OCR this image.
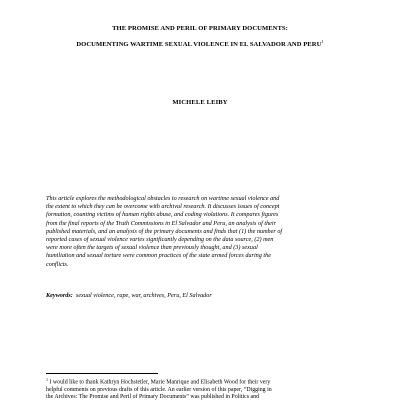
THE PROMISE AND PERIL OF PRIMARY DOCUMENTS:
DOCUMENTING WARTIME SEXUAL VIOLENCE IN EL SALVADOR AND PERU$^1$
MICHELE LEIBY
This article explores the methodological obstacles to research on wartime sexual violence and
the extent to which they can be overcome with archival research. It discusses issues of concept
formation, counting victims of human rights abuse, and coding violations. It compares figures
from the final reports of the Truth Commissions in El Salvador and Peru, an analysis of their
published materials, and an analysis of the primary documents and finds that (1) the number of
reported cases of sexual violence varies significantly depending on the data source, (2) men
were more often the targets of sexual violence than previously thought, and (3) sexual
humiliation and sexual torture were common practices of the state armed forces during the
conflicts.
Keywords: sexual violence, rape, war, archives, Peru, El Salvador
$^1$ I would like to thank Kathryn Hochstetler, Marie Manrique and Elisabeth Wood for their very
helpful comments on previous drafts of this article. An earlier version of this paper, “Digging in
the Archives: The Promise and Peril of Primary Documents” was published in Politics and
